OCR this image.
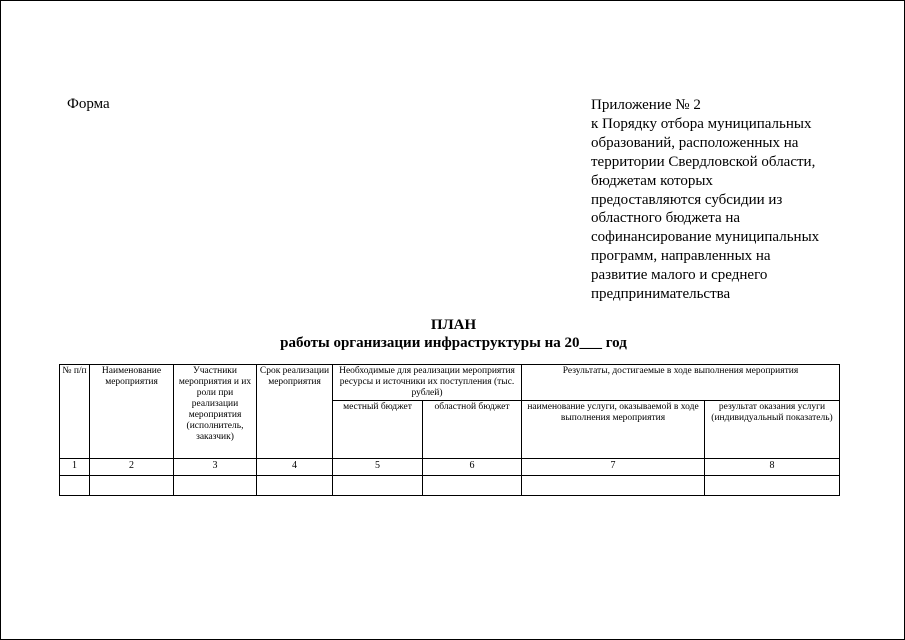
Форма	Приложение № 2
к Порядку отбора муниципальных
образований, расположенных на
территории Свердловской области,
бюджетам которых
предоставляются субсидии из
областного бюджета на
софинансирование муниципальных
программ, направленных на
развитие малого и среднего
предпринимательства
ПЛАН
работы организации инфраструктуры на 20___ год
№ п/п	Наименование мероприятия	Участники мероприятия и их роли при реализации мероприятия (исполнитель, заказчик)	Срок реализации мероприятия	Необходимые для реализации мероприятия ресурсы и источники их поступления (тыс. рублей)		Результаты, достигаемые в ходе выполнения мероприятия	
				местный бюджет	областной бюджет	наименование услуги, оказываемой в ходе выполнения мероприятия	результат оказания услуги (индивидуальный показатель)
1	2	3	4	5	6	7	8
